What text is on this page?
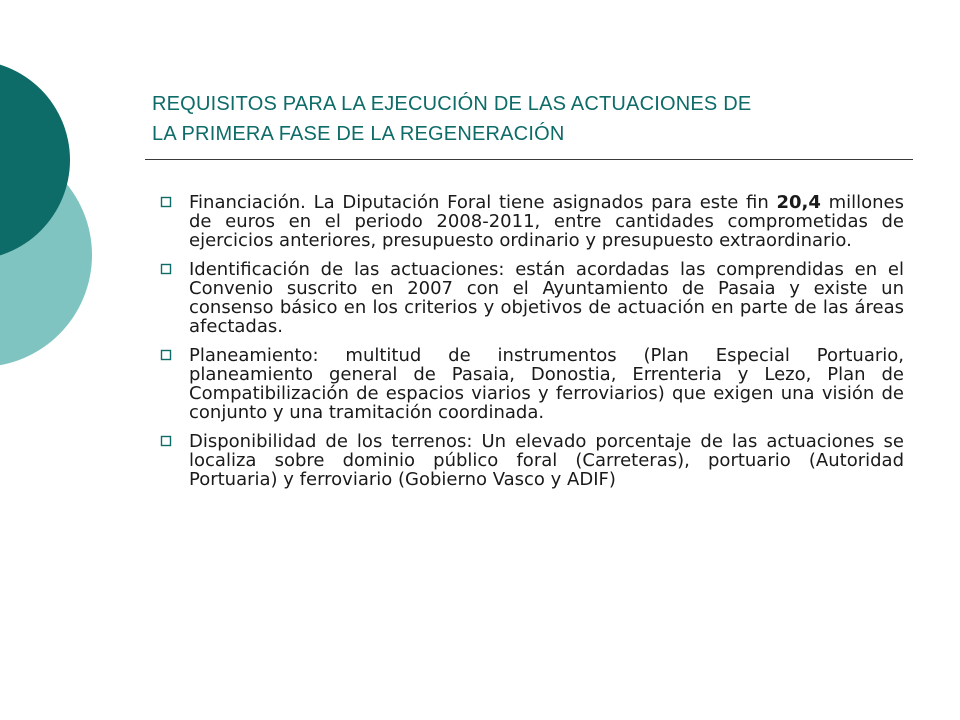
REQUISITOS PARA LA EJECUCIÓN DE LAS ACTUACIONES DE
LA PRIMERA FASE DE LA REGENERACIÓN
Financiación. La Diputación Foral tiene asignados para este fin 20,4 millones de euros en el periodo 2008-2011, entre cantidades comprometidas de ejercicios anteriores, presupuesto ordinario y presupuesto extraordinario.
Identificación de las actuaciones: están acordadas las comprendidas en el Convenio suscrito en 2007 con el Ayuntamiento de Pasaia y existe un consenso básico en los criterios y objetivos de actuación en parte de las áreas afectadas.
Planeamiento: multitud de instrumentos (Plan Especial Portuario, planeamiento general de Pasaia, Donostia, Errenteria y Lezo, Plan de Compatibilización de espacios viarios y ferroviarios) que exigen una visión de conjunto y una tramitación coordinada.
Disponibilidad de los terrenos: Un elevado porcentaje de las actuaciones se localiza sobre dominio público foral (Carreteras), portuario (Autoridad Portuaria) y ferroviario (Gobierno Vasco y ADIF)
